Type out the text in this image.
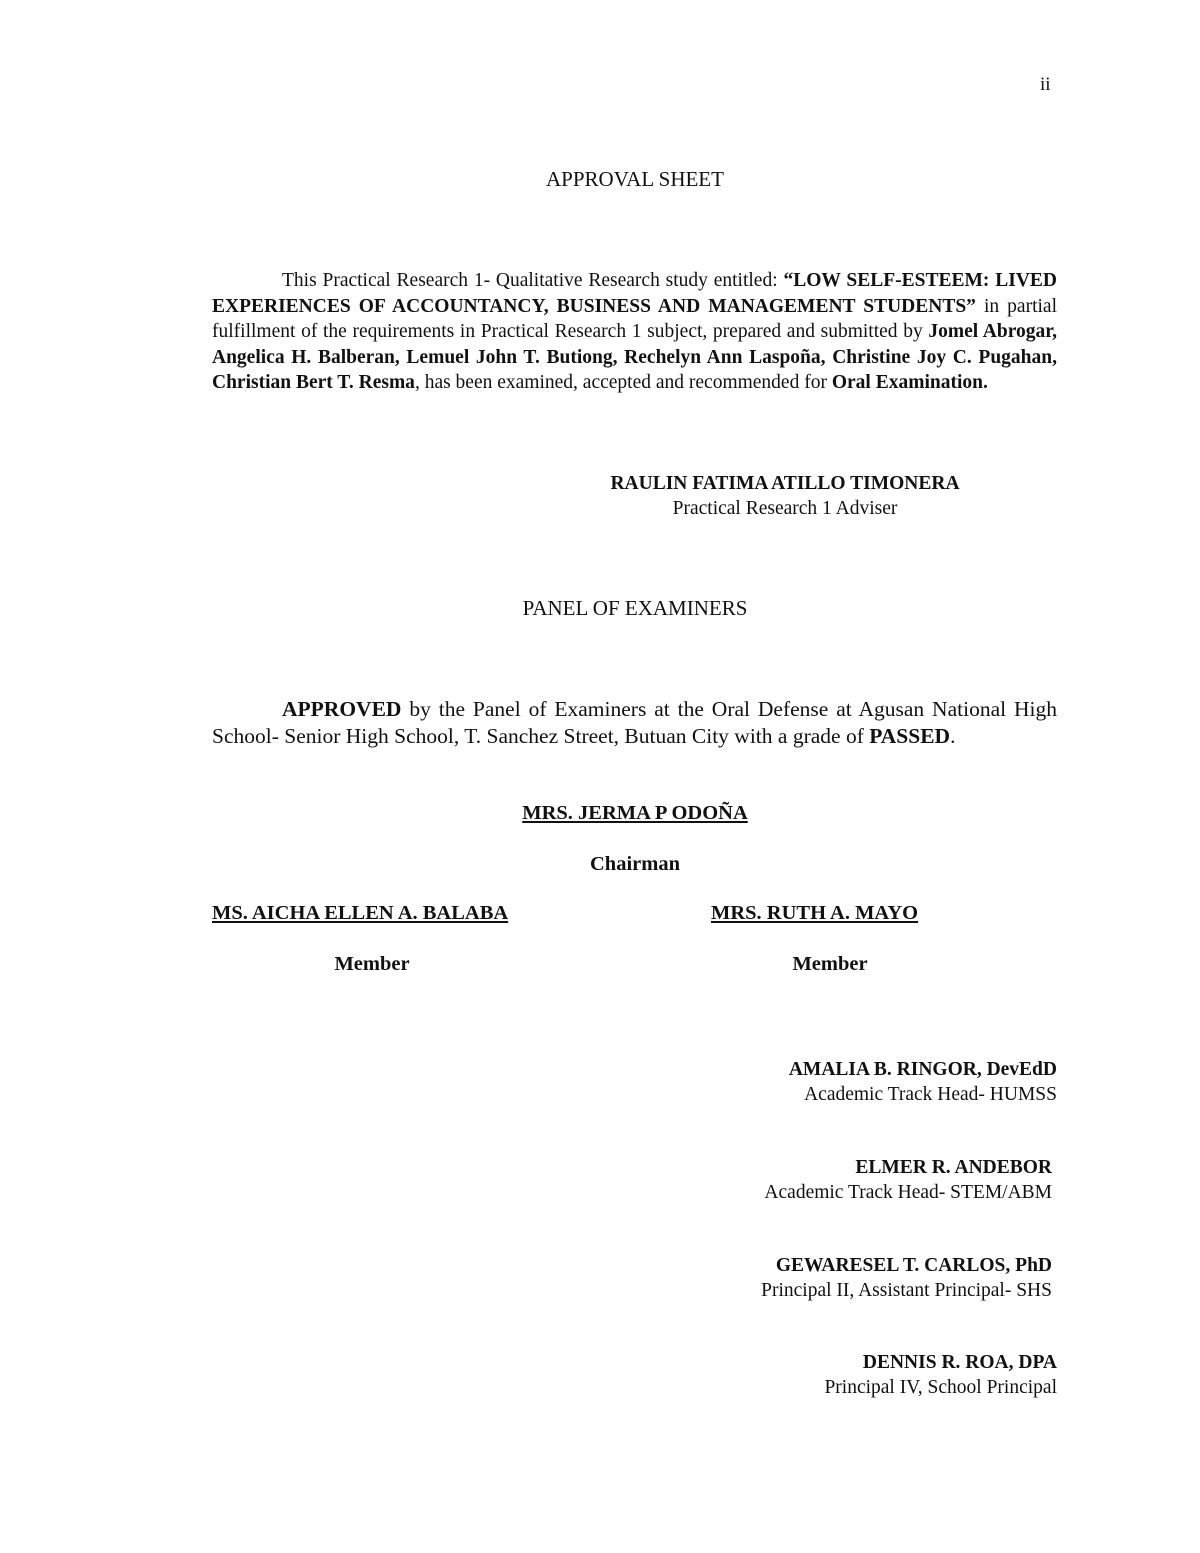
ii
APPROVAL SHEET
This Practical Research 1- Qualitative Research study entitled: “LOW SELF-ESTEEM: LIVED EXPERIENCES OF ACCOUNTANCY, BUSINESS AND MANAGEMENT STUDENTS” in partial fulfillment of the requirements in Practical Research 1 subject, prepared and submitted by Jomel Abrogar, Angelica H. Balberan, Lemuel John T. Butiong, Rechelyn Ann Laspoña, Christine Joy C. Pugahan, Christian Bert T. Resma, has been examined, accepted and recommended for Oral Examination.
RAULIN FATIMA ATILLO TIMONERA
Practical Research 1 Adviser
PANEL OF EXAMINERS
APPROVED by the Panel of Examiners at the Oral Defense at Agusan National High School- Senior High School, T. Sanchez Street, Butuan City with a grade of PASSED.
MRS. JERMA P ODOÑA
Chairman
MS. AICHA ELLEN A. BALABA	MRS. RUTH A. MAYO
Member	Member
AMALIA B. RINGOR, DevEdD
Academic Track Head- HUMSS
ELMER R. ANDEBOR
Academic Track Head- STEM/ABM
GEWARESEL T. CARLOS, PhD
Principal II, Assistant Principal- SHS
DENNIS R. ROA, DPA
Principal IV, School Principal
